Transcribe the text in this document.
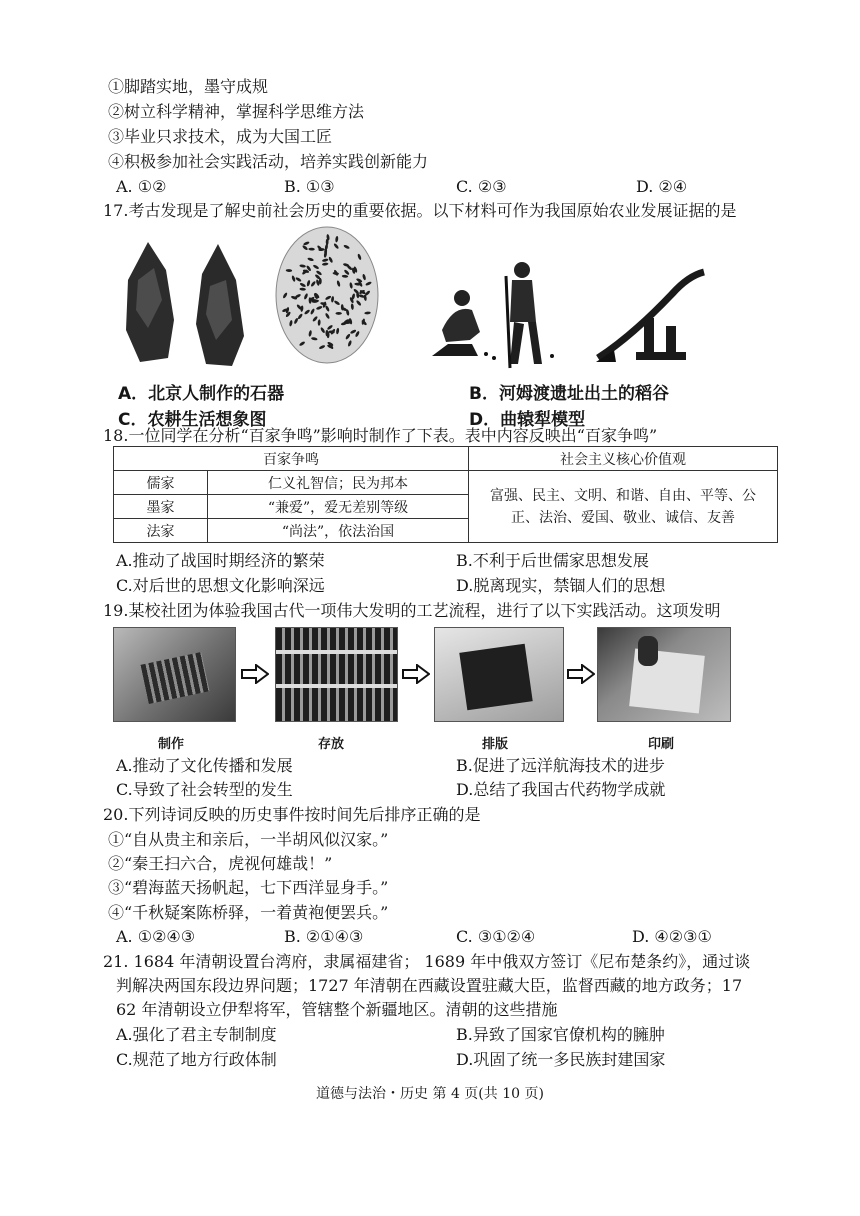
①脚踏实地，墨守成规
②树立科学精神，掌握科学思维方法
③毕业只求技术，成为大国工匠
④积极参加社会实践活动，培养实践创新能力
A. ①②	B. ①③	C. ②③	D. ②④
17.考古发现是了解史前社会历史的重要依据。以下材料可作为我国原始农业发展证据的是
A．北京人制作的石器	B．河姆渡遗址出土的稻谷
C．农耕生活想象图	D．曲辕犁模型
18.一位同学在分析“百家争鸣”影响时制作了下表。表中内容反映出“百家争鸣”
百家争鸣		社会主义核心价值观
儒家	仁义礼智信；民为邦本	富强、民主、文明、和谐、自由、平等、公正、法治、爱国、敬业、诚信、友善
墨家	“兼爱”，爱无差别等级	
法家	“尚法”，依法治国	
A.推动了战国时期经济的繁荣	B.不利于后世儒家思想发展
C.对后世的思想文化影响深远	D.脱离现实，禁锢人们的思想
19.某校社团为体验我国古代一项伟大发明的工艺流程，进行了以下实践活动。这项发明
制作	存放	排版	印刷
A.推动了文化传播和发展	B.促进了远洋航海技术的进步
C.导致了社会转型的发生	D.总结了我国古代药物学成就
20.下列诗词反映的历史事件按时间先后排序正确的是
①“自从贵主和亲后，一半胡风似汉家。”
②“秦王扫六合，虎视何雄哉！”
③“碧海蓝天扬帆起，七下西洋显身手。”
④“千秋疑案陈桥驿，一着黄袍便罢兵。”
A. ①②④③	B. ②①④③	C. ③①②④	D. ④②③①
21. 1684 年清朝设置台湾府，隶属福建省； 1689 年中俄双方签订《尼布楚条约》，通过谈
判解决两国东段边界问题；1727 年清朝在西藏设置驻藏大臣，监督西藏的地方政务；17
62 年清朝设立伊犁将军，管辖整个新疆地区。清朝的这些措施
A.强化了君主专制制度	B.异致了国家官僚机构的臃肿
C.规范了地方行政体制	D.巩固了统一多民族封建国家
道德与法治・历史 第 4 页(共 10 页)
